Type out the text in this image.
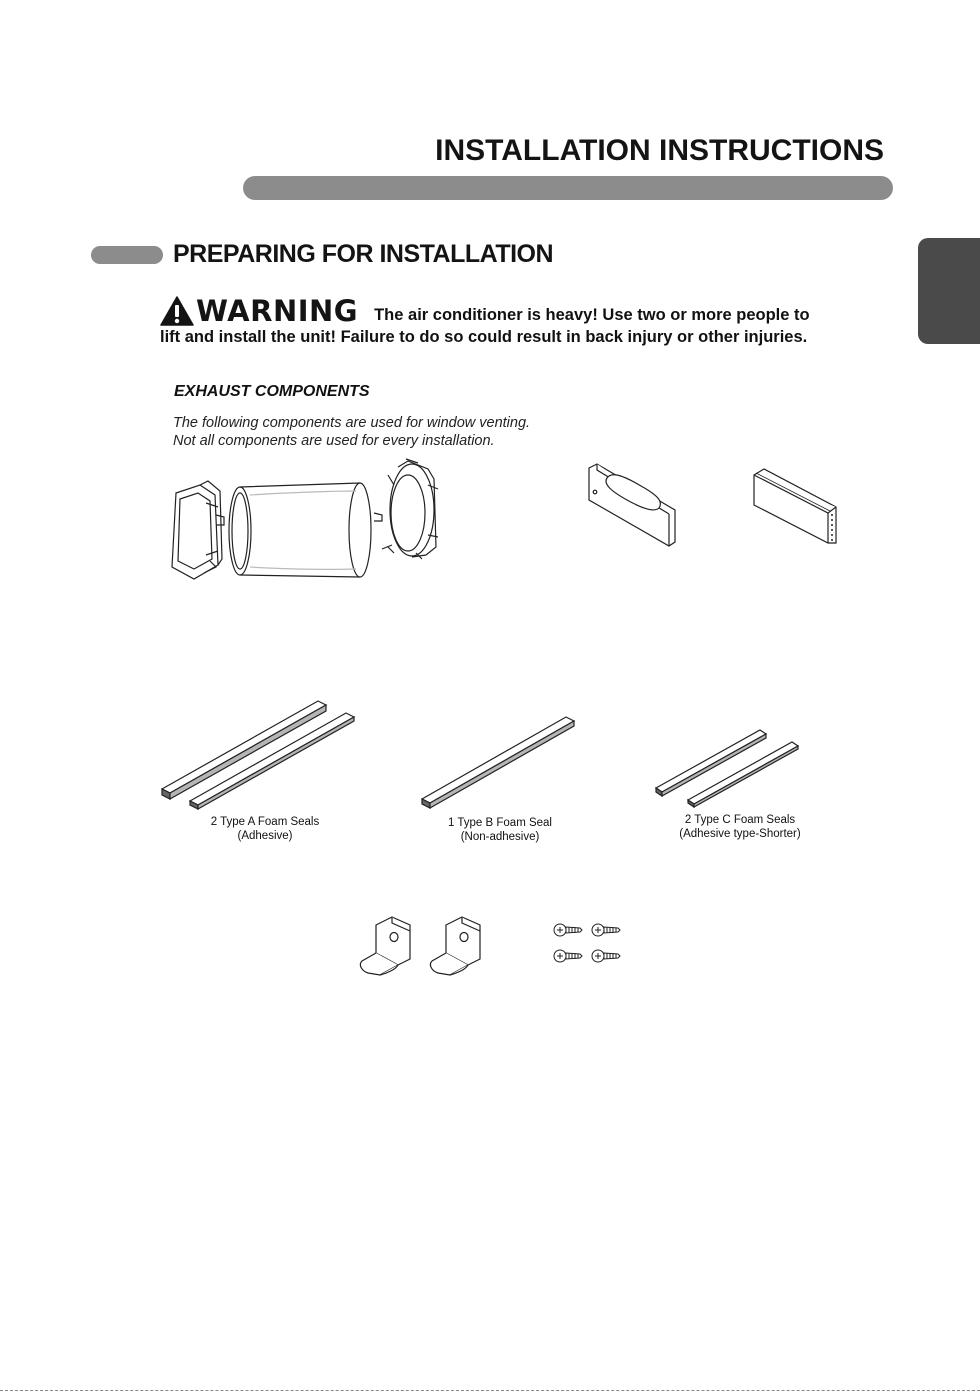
INSTALLATION INSTRUCTIONS
PREPARING FOR INSTALLATION
WARNING The air conditioner is heavy! Use two or more people to
lift and install the unit! Failure to do so could result in back injury or other injuries.
EXHAUST COMPONENTS
The following components are used for window venting.
Not all components are used for every installation.
2 Type A Foam Seals
(Adhesive)
1 Type B Foam Seal
(Non-adhesive)
2 Type C Foam Seals
(Adhesive type-Shorter)
